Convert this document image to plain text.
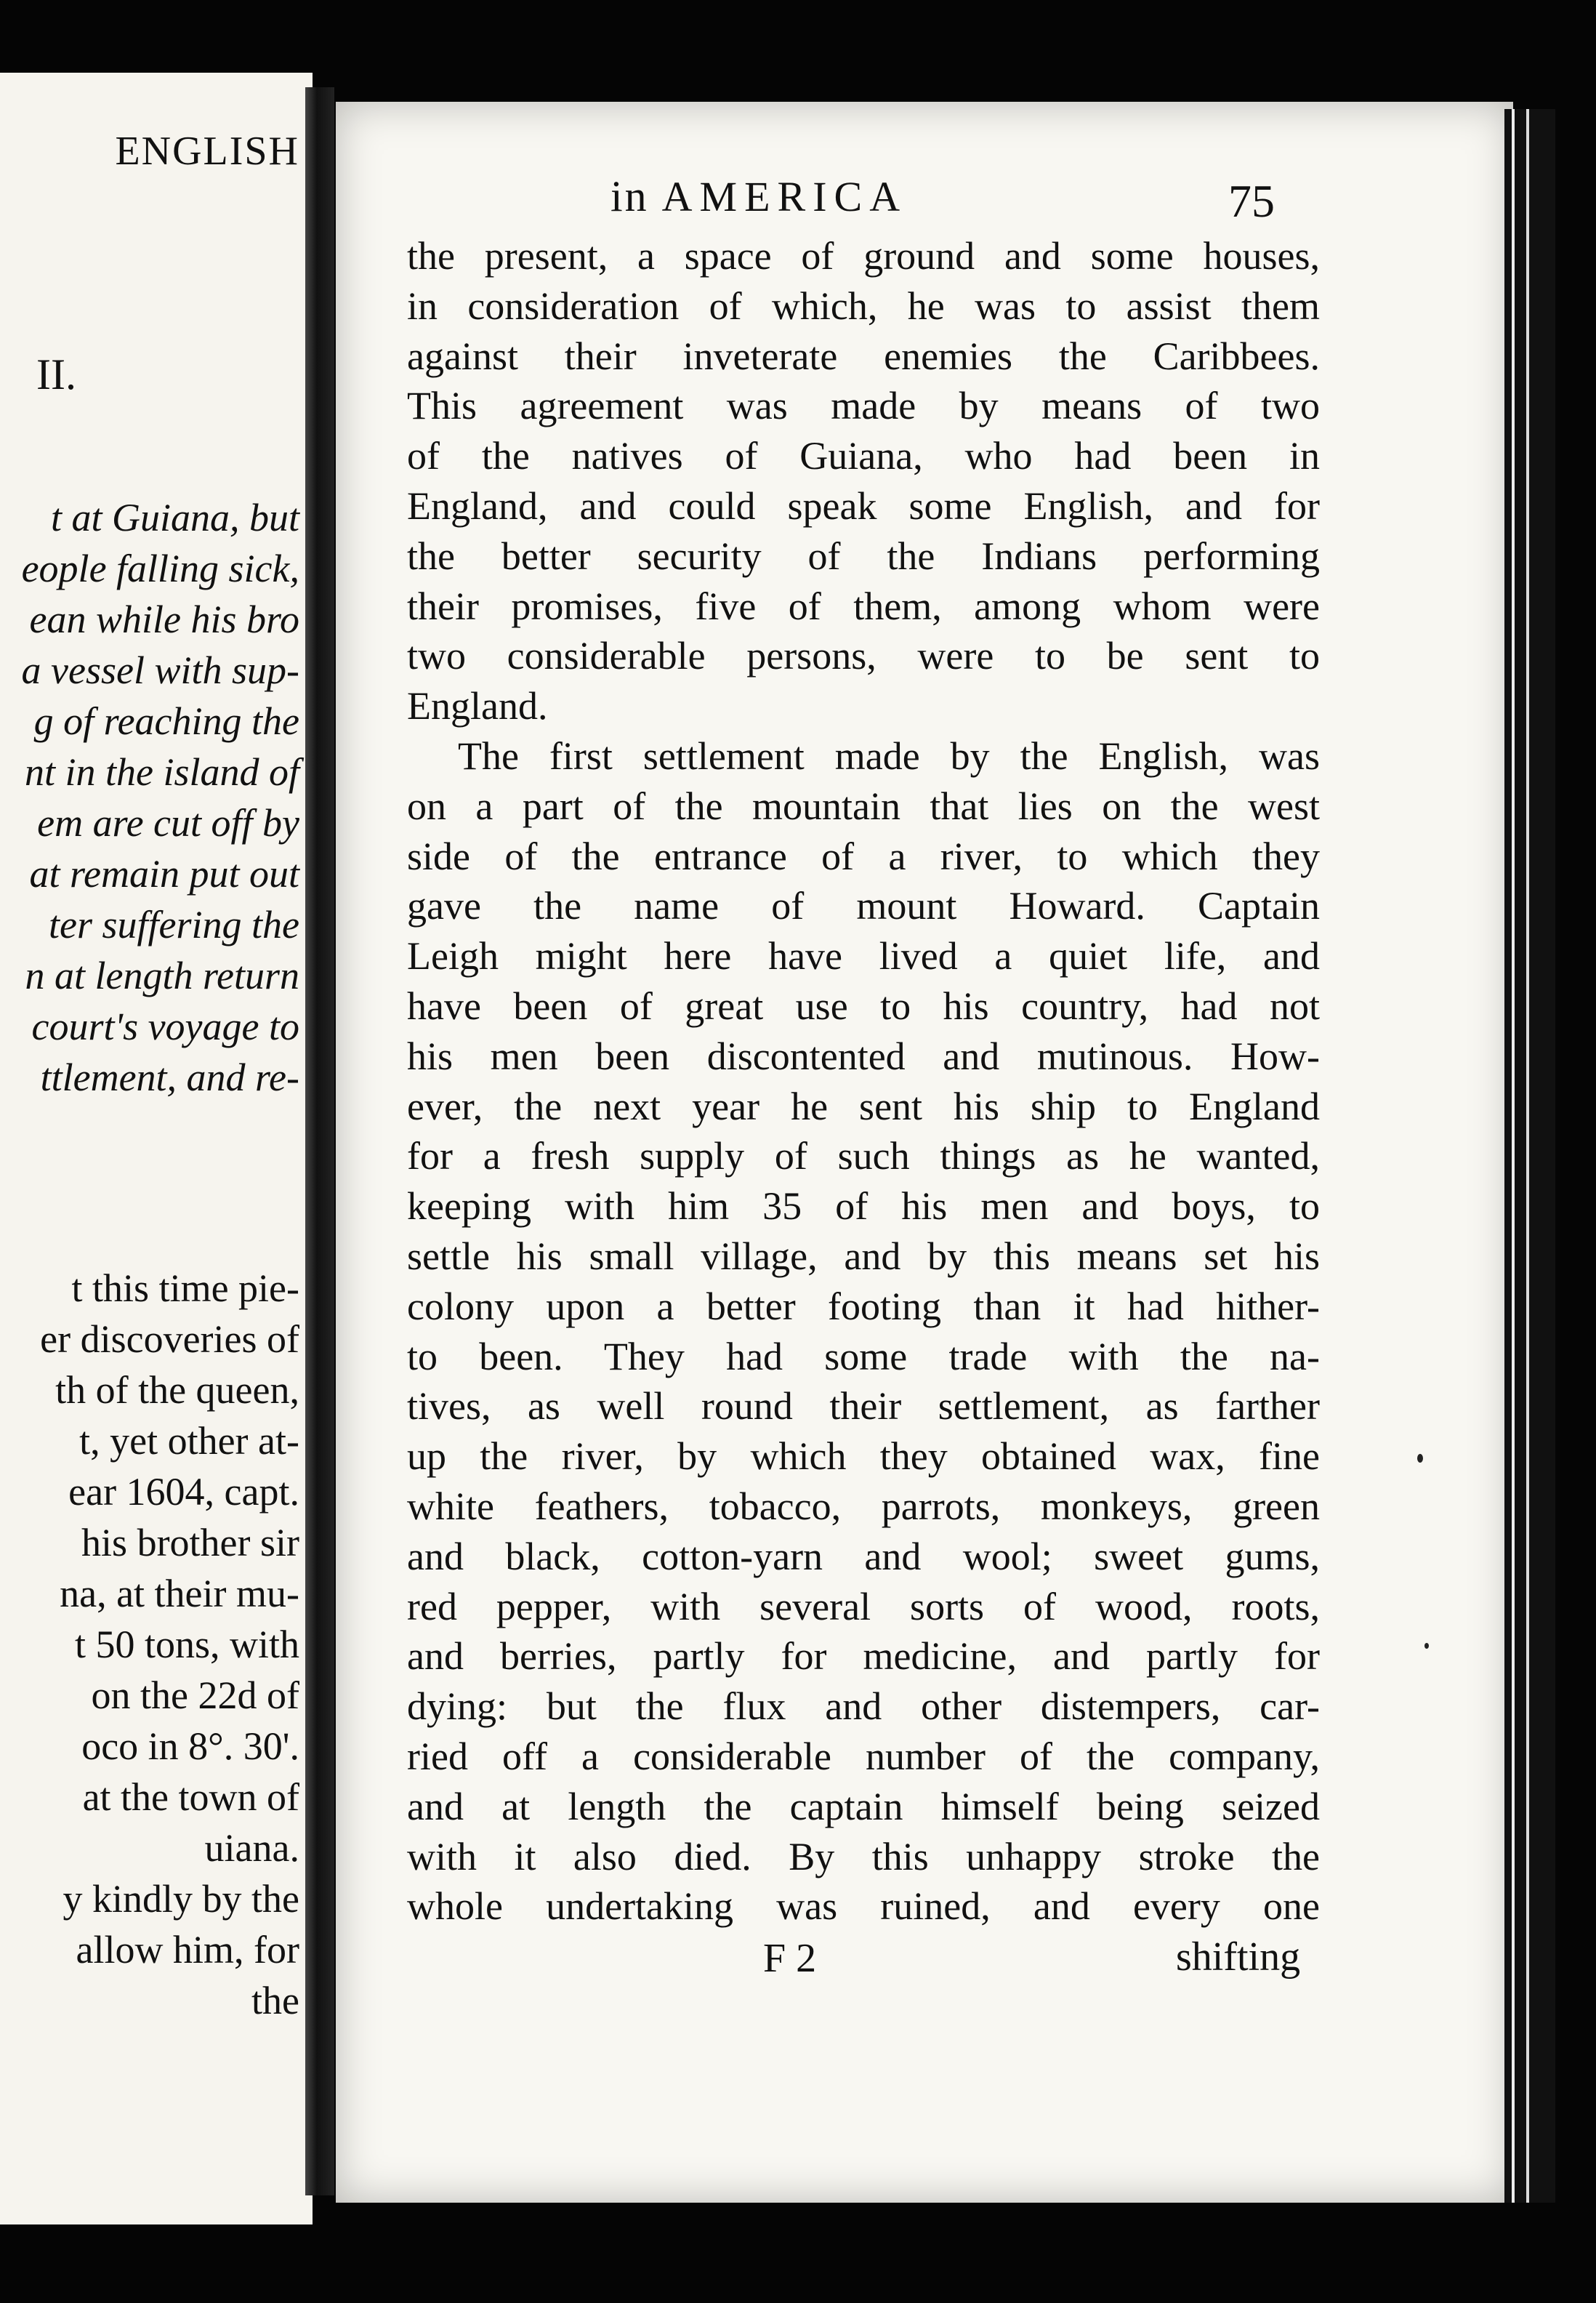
ENGLISH
II.
t at Guiana, but
eople falling sick,
ean while his bro
a vessel with sup-
g of reaching the
nt in the island of
em are cut off by
at remain put out
ter suffering the
n at length return
court's voyage to
ttlement, and re-
t this time pie-
er discoveries of
th of the queen,
t, yet other at-
ear 1604, capt.
his brother sir
na, at their mu-
t 50 tons, with
on the 22d of
oco in 8°. 30'.
at the town of
uiana.
y kindly by the
allow him, for
the
in AMERICA	75
the present, a space of ground and some houses,
in consideration of which, he was to assist them
against their inveterate enemies the Caribbees.
This agreement was made by means of two
of the natives of Guiana, who had been in
England, and could speak some English, and for
the better security of the Indians performing
their promises, five of them, among whom were
two considerable persons, were to be sent to
England.
The first settlement made by the English, was
on a part of the mountain that lies on the west
side of the entrance of a river, to which they
gave the name of mount Howard. Captain
Leigh might here have lived a quiet life, and
have been of great use to his country, had not
his men been discontented and mutinous. How-
ever, the next year he sent his ship to England
for a fresh supply of such things as he wanted,
keeping with him 35 of his men and boys, to
settle his small village, and by this means set his
colony upon a better footing than it had hither-
to been. They had some trade with the na-
tives, as well round their settlement, as farther
up the river, by which they obtained wax, fine
white feathers, tobacco, parrots, monkeys, green
and black, cotton-yarn and wool; sweet gums,
red pepper, with several sorts of wood, roots,
and berries, partly for medicine, and partly for
dying: but the flux and other distempers, car-
ried off a considerable number of the company,
and at length the captain himself being seized
with it also died. By this unhappy stroke the
whole undertaking was ruined, and every one
F 2	shifting
